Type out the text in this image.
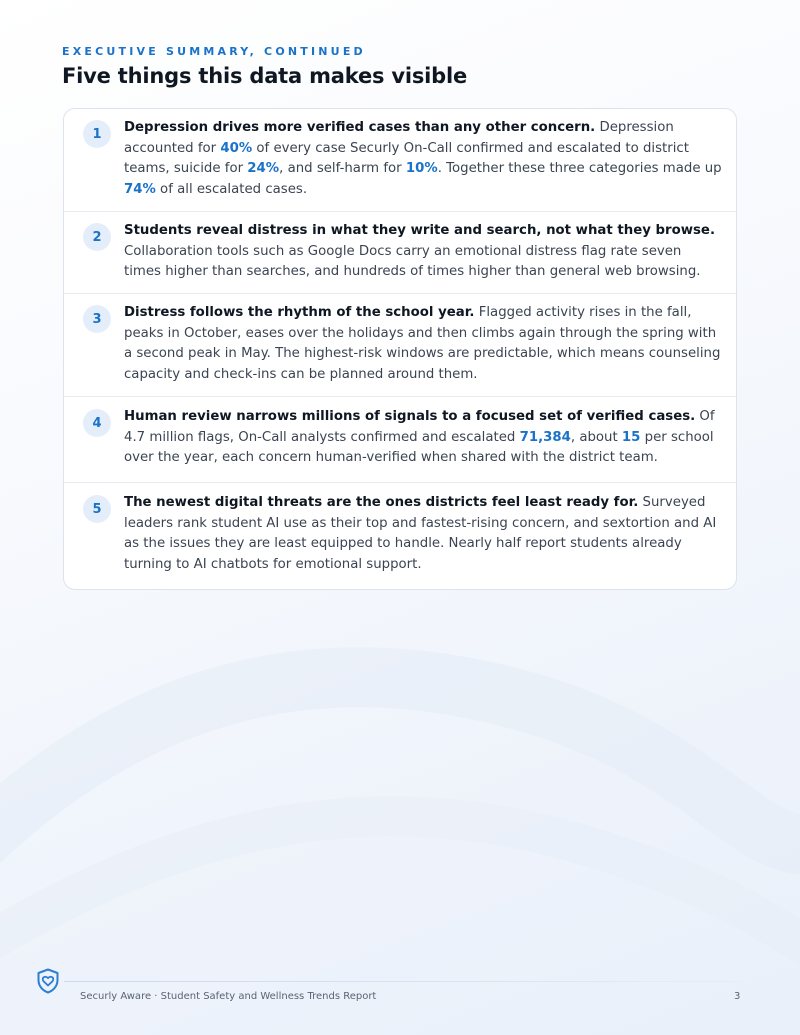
EXECUTIVE SUMMARY, CONTINUED
Five things this data makes visible
1	Depression drives more verified cases than any other concern. Depression accounted for 40% of every case Securly On-Call confirmed and escalated to district teams, suicide for 24%, and self-harm for 10%. Together these three categories made up 74% of all escalated cases.

2	Students reveal distress in what they write and search, not what they browse. Collaboration tools such as Google Docs carry an emotional distress flag rate seven times higher than searches, and hundreds of times higher than general web browsing.

3	Distress follows the rhythm of the school year. Flagged activity rises in the fall, peaks in October, eases over the holidays and then climbs again through the spring with a second peak in May. The highest-risk windows are predictable, which means counseling capacity and check-ins can be planned around them.

4	Human review narrows millions of signals to a focused set of verified cases. Of 4.7 million flags, On-Call analysts confirmed and escalated 71,384, about 15 per school over the year, each concern human-verified when shared with the district team.

5	The newest digital threats are the ones districts feel least ready for. Surveyed leaders rank student AI use as their top and fastest-rising concern, and sextortion and AI as the issues they are least equipped to handle. Nearly half report students already turning to AI chatbots for emotional support.

Securly Aware · Student Safety and Wellness Trends Report	3
